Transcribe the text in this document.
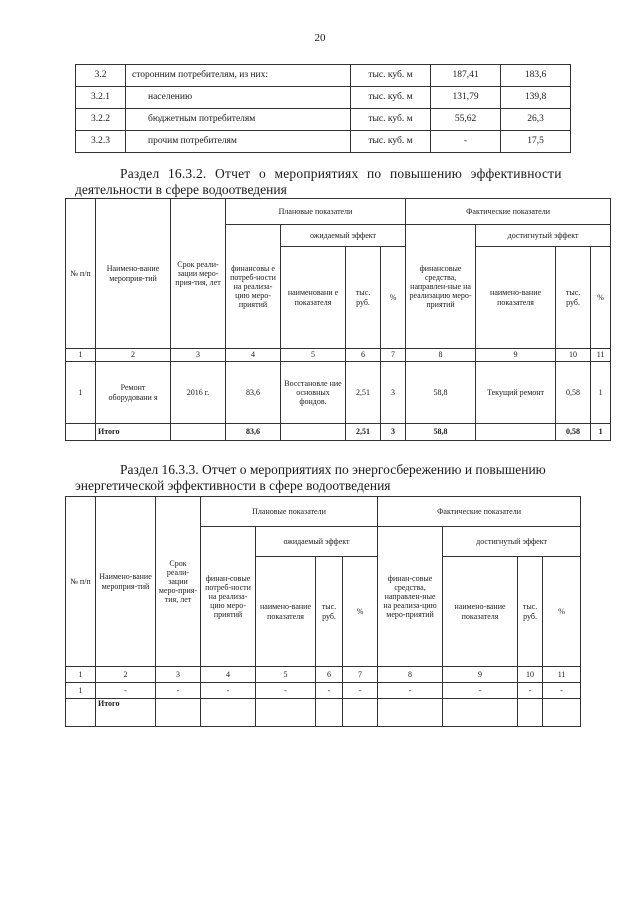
20
3.2	сторонним потребителям, из них:	тыс. куб. м	187,41	183,6
3.2.1	населению	тыс. куб. м	131,79	139,8
3.2.2	бюджетным потребителям	тыс. куб. м	55,62	26,3
3.2.3	прочим потребителям	тыс. куб. м	-	17,5
Раздел 16.3.2. Отчет о мероприятиях по повышению эффективности
деятельности в сфере водоотведения
№ п/п	Наимено-вание мероприя-тий	Срок реали-зации меро-прия-тия, лет	Плановые показатели				Фактические показатели			
			финансовы е потреб-ности на реализа-цию меро-приятий	ожидаемый эффект			финансовые средства, направлен-ные на реализацию меро-приятий	достигнутый эффект		
				наименовани е показателя	тыс. руб.	%		наимено-вание показателя	тыс. руб.	%
1	2	3	4	5	6	7	8	9	10	11
1	Ремонт оборудовани я	2016 г.	83,6	Восстановле ние основных фондов.	2,51	3	58,8	Текущий ремонт	0,58	1
	Итого		83,6		2,51	3	58,8		0,58	1
Раздел 16.3.3. Отчет о мероприятиях по энергосбережению и повышению
энергетической эффективности в сфере водоотведения
№ п/п	Наимено-вание мероприя-тий	Срок реали-зации меро-прия-тия, лет	Плановые показатели				Фактические показатели			
			финан-совые потреб-ности на реализа-цию меро-приятий	ожидаемый эффект			финан-совые средства, направлен-ные на реализа-цию меро-приятий	достигнутый эффект		
				наимено-вание показателя	тыс. руб.	%		наимено-вание показателя	тыс. руб.	%
1	2	3	4	5	6	7	8	9	10	11
1	-	-	-	-	-	-	-	-	-	-
	Итого									
